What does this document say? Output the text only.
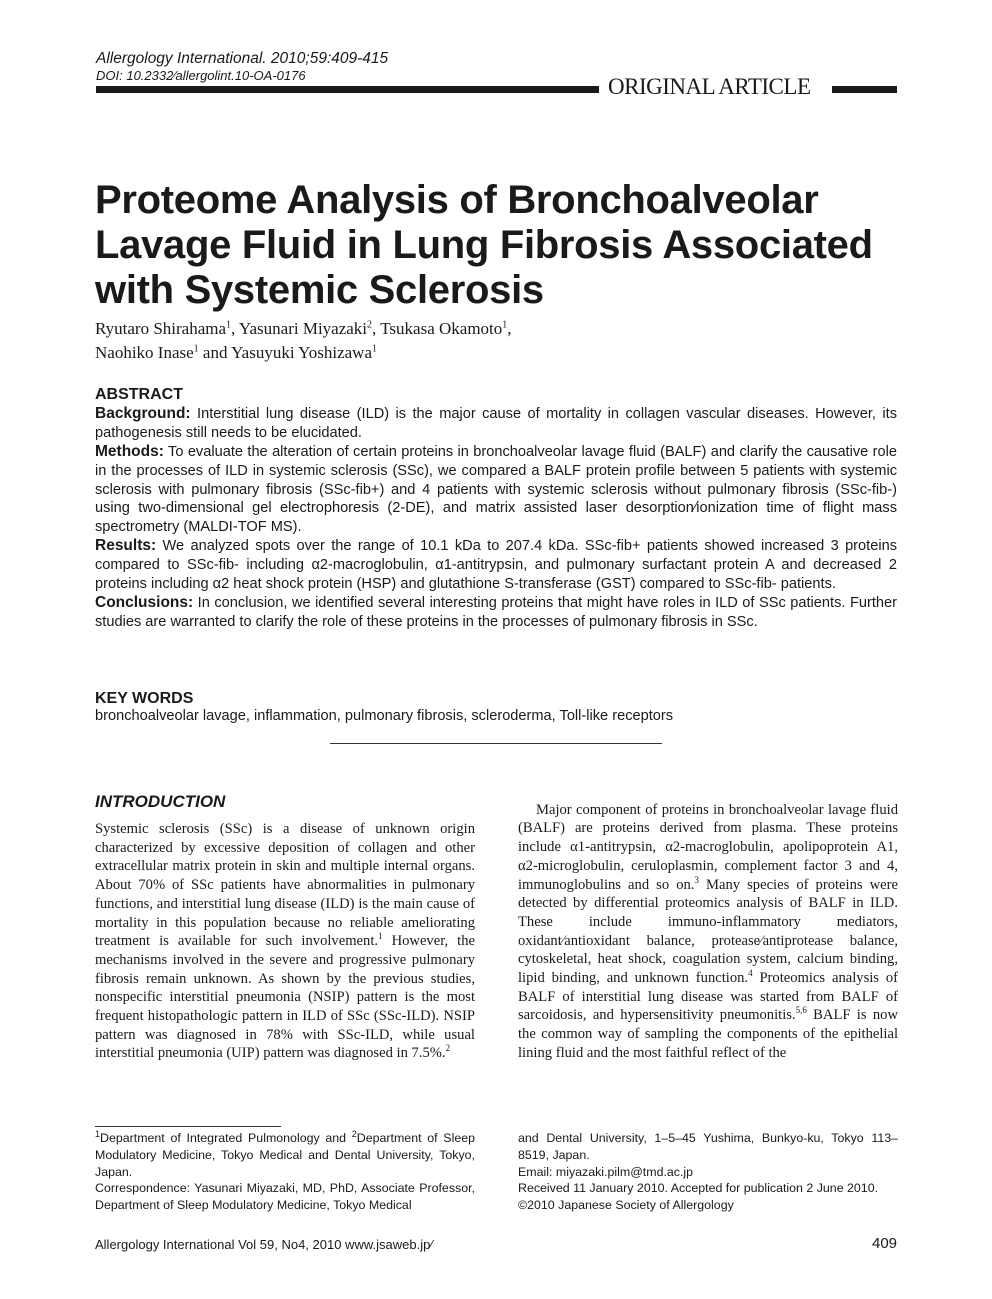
Allergology International. 2010;59:409-415
DOI: 10.2332∕allergolint.10-OA-0176	ORIGINAL ARTICLE
Proteome Analysis of Bronchoalveolar Lavage Fluid in Lung Fibrosis Associated with Systemic Sclerosis
Ryutaro Shirahama$^1$, Yasunari Miyazaki$^2$, Tsukasa Okamoto$^1$,
Naohiko Inase$^1$ and Yasuyuki Yoshizawa$^1$
ABSTRACT

Background: Interstitial lung disease (ILD) is the major cause of mortality in collagen vascular diseases. However, its pathogenesis still needs to be elucidated.

Methods: To evaluate the alteration of certain proteins in bronchoalveolar lavage fluid (BALF) and clarify the causative role in the processes of ILD in systemic sclerosis (SSc), we compared a BALF protein profile between 5 patients with systemic sclerosis with pulmonary fibrosis (SSc-fib+) and 4 patients with systemic sclerosis without pulmonary fibrosis (SSc-fib-) using two-dimensional gel electrophoresis (2-DE), and matrix assisted laser desorption∕ionization time of flight mass spectrometry (MALDI-TOF MS).

Results: We analyzed spots over the range of 10.1 kDa to 207.4 kDa. SSc-fib+ patients showed increased 3 proteins compared to SSc-fib- including α2-macroglobulin, α1-antitrypsin, and pulmonary surfactant protein A and decreased 2 proteins including α2 heat shock protein (HSP) and glutathione S-transferase (GST) compared to SSc-fib- patients.

Conclusions: In conclusion, we identified several interesting proteins that might have roles in ILD of SSc patients. Further studies are warranted to clarify the role of these proteins in the processes of pulmonary fibrosis in SSc.

KEY WORDS
bronchoalveolar lavage, inflammation, pulmonary fibrosis, scleroderma, Toll-like receptors
INTRODUCTION

Systemic sclerosis (SSc) is a disease of unknown origin characterized by excessive deposition of collagen and other extracellular matrix protein in skin and multiple internal organs. About 70% of SSc patients have abnormalities in pulmonary functions, and interstitial lung disease (ILD) is the main cause of mortality in this population because no reliable ameliorating treatment is available for such involvement.$^1$ However, the mechanisms involved in the severe and progressive pulmonary fibrosis remain unknown. As shown by the previous studies, nonspecific interstitial pneumonia (NSIP) pattern is the most frequent histopathologic pattern in ILD of SSc (SSc-ILD). NSIP pattern was diagnosed in 78% with SSc-ILD, while usual interstitial pneumonia (UIP) pattern was diagnosed in 7.5%.$^2$

Major component of proteins in bronchoalveolar lavage fluid (BALF) are proteins derived from plasma. These proteins include α1-antitrypsin, α2-macroglobulin, apolipoprotein A1, α2-microglobulin, ceruloplasmin, complement factor 3 and 4, immunoglobulins and so on.$^3$ Many species of proteins were detected by differential proteomics analysis of BALF in ILD. These include immuno-inflammatory mediators, oxidant∕antioxidant balance, protease∕antiprotease balance, cytoskeletal, heat shock, coagulation system, calcium binding, lipid binding, and unknown function.$^4$ Proteomics analysis of BALF of interstitial lung disease was started from BALF of sarcoidosis, and hypersensitivity pneumonitis.$^{5,6}$ BALF is now the common way of sampling the components of the epithelial lining fluid and the most faithful reflect of the

$^1$Department of Integrated Pulmonology and $^2$Department of Sleep Modulatory Medicine, Tokyo Medical and Dental University, Tokyo, Japan.
Correspondence: Yasunari Miyazaki, MD, PhD, Associate Professor, Department of Sleep Modulatory Medicine, Tokyo Medical
and Dental University, 1–5–45 Yushima, Bunkyo-ku, Tokyo 113–8519, Japan.
Email: miyazaki.pilm@tmd.ac.jp
Received 11 January 2010. Accepted for publication 2 June 2010.
©2010 Japanese Society of Allergology
Allergology International Vol 59, No4, 2010 www.jsaweb.jp∕	409
